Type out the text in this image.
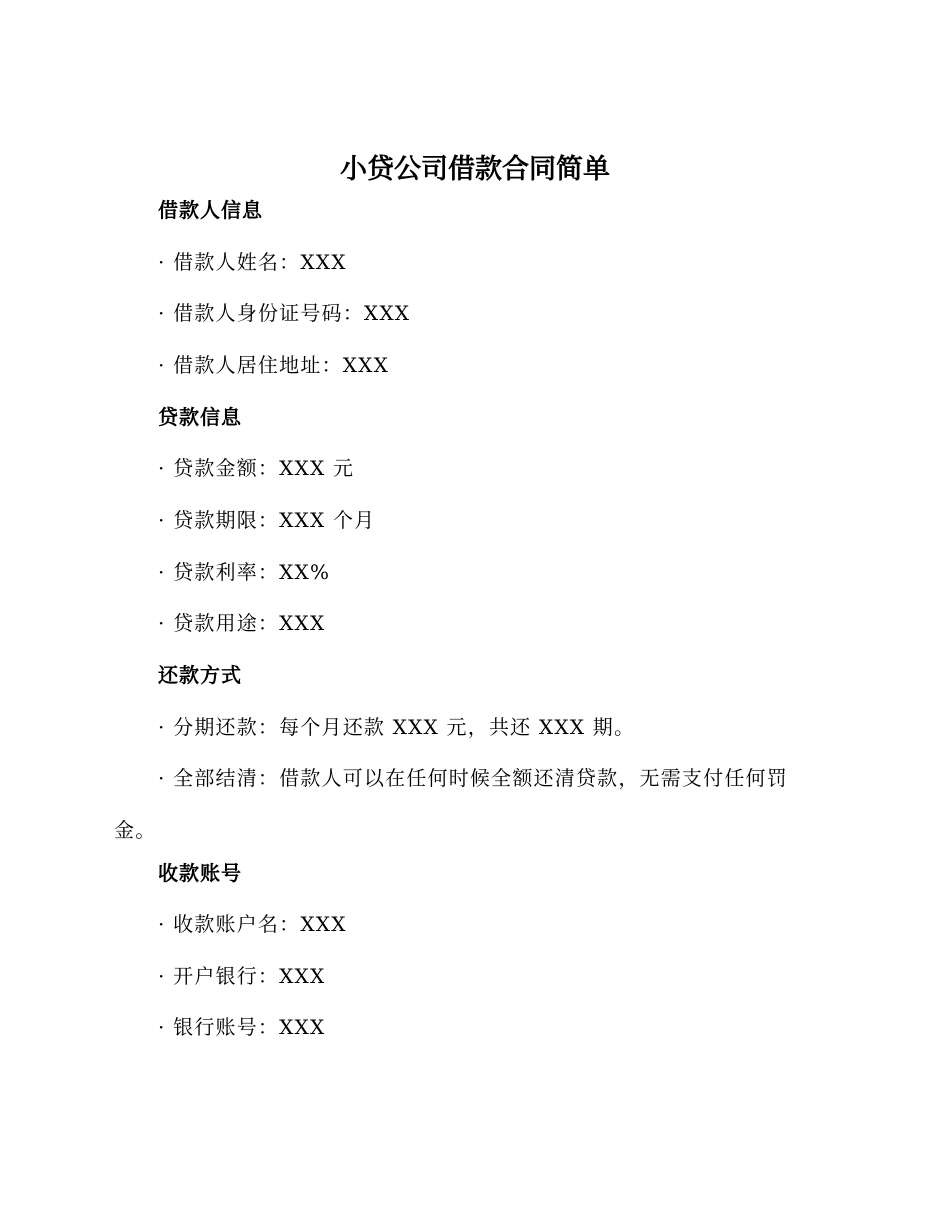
小贷公司借款合同简单
借款人信息
· 借款人姓名：XXX
· 借款人身份证号码：XXX
· 借款人居住地址：XXX
贷款信息
· 贷款金额：XXX 元
· 贷款期限：XXX 个月
· 贷款利率：XX%
· 贷款用途：XXX
还款方式
· 分期还款：每个月还款 XXX 元，共还 XXX 期。
· 全部结清：借款人可以在任何时候全额还清贷款，无需支付任何罚金。
收款账号
· 收款账户名：XXX
· 开户银行：XXX
· 银行账号：XXX
